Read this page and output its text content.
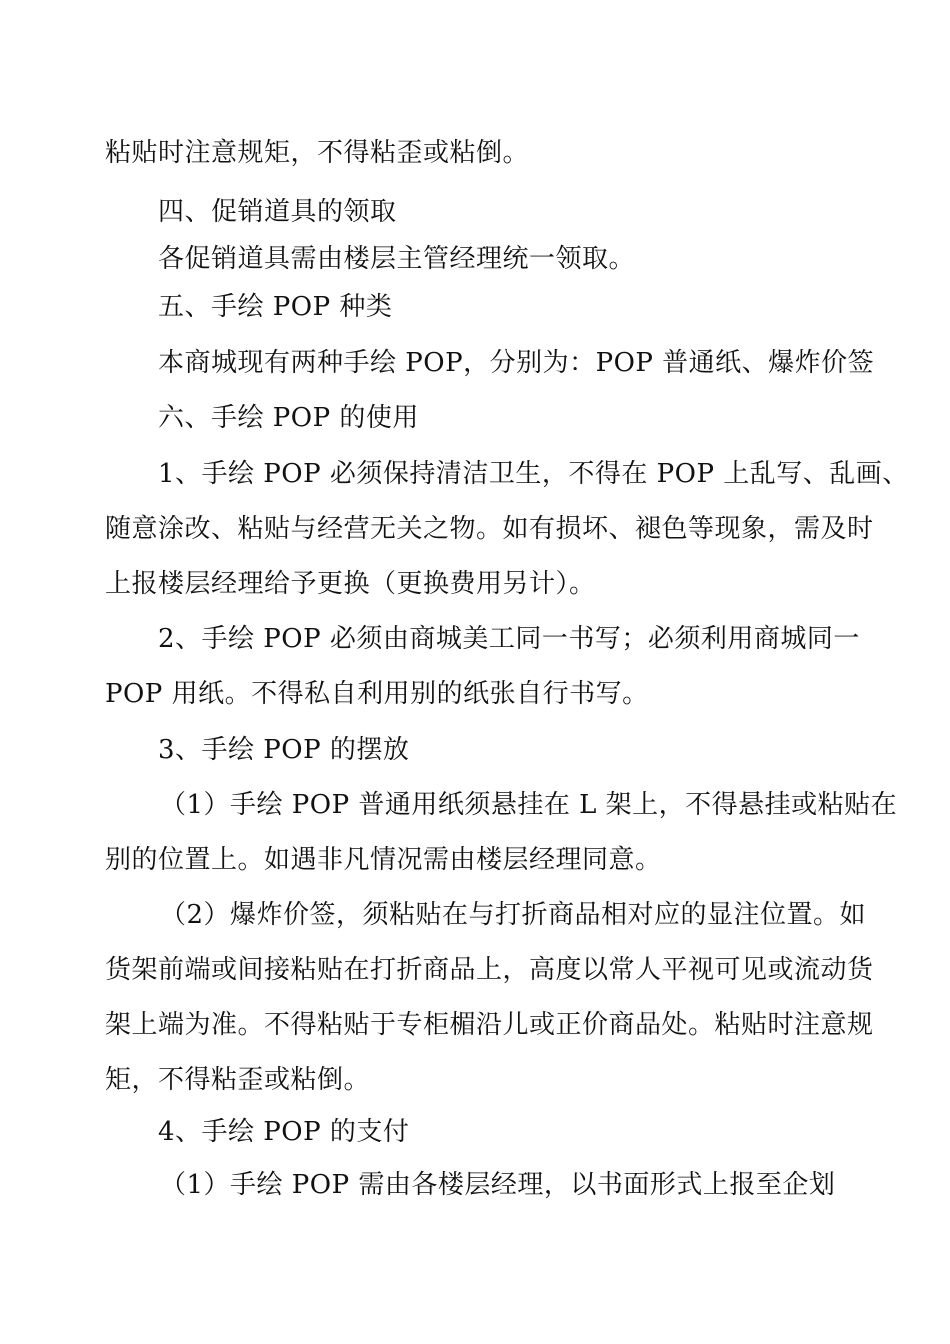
粘贴时注意规矩，不得粘歪或粘倒。
四、促销道具的领取
各促销道具需由楼层主管经理统一领取。
五、手绘 POP 种类
本商城现有两种手绘 POP，分别为：POP 普通纸、爆炸价签
六、手绘 POP 的使用
1、手绘 POP 必须保持清洁卫生，不得在 POP 上乱写、乱画、
随意涂改、粘贴与经营无关之物。如有损坏、褪色等现象，需及时
上报楼层经理给予更换（更换费用另计）。
2、手绘 POP 必须由商城美工同一书写；必须利用商城同一
POP 用纸。不得私自利用别的纸张自行书写。
3、手绘 POP 的摆放
（1）手绘 POP 普通用纸须悬挂在 L 架上，不得悬挂或粘贴在
别的位置上。如遇非凡情况需由楼层经理同意。
（2）爆炸价签，须粘贴在与打折商品相对应的显注位置。如
货架前端或间接粘贴在打折商品上，高度以常人平视可见或流动货
架上端为准。不得粘贴于专柜楣沿儿或正价商品处。粘贴时注意规
矩，不得粘歪或粘倒。
4、手绘 POP 的支付
（1）手绘 POP 需由各楼层经理，以书面形式上报至企划
